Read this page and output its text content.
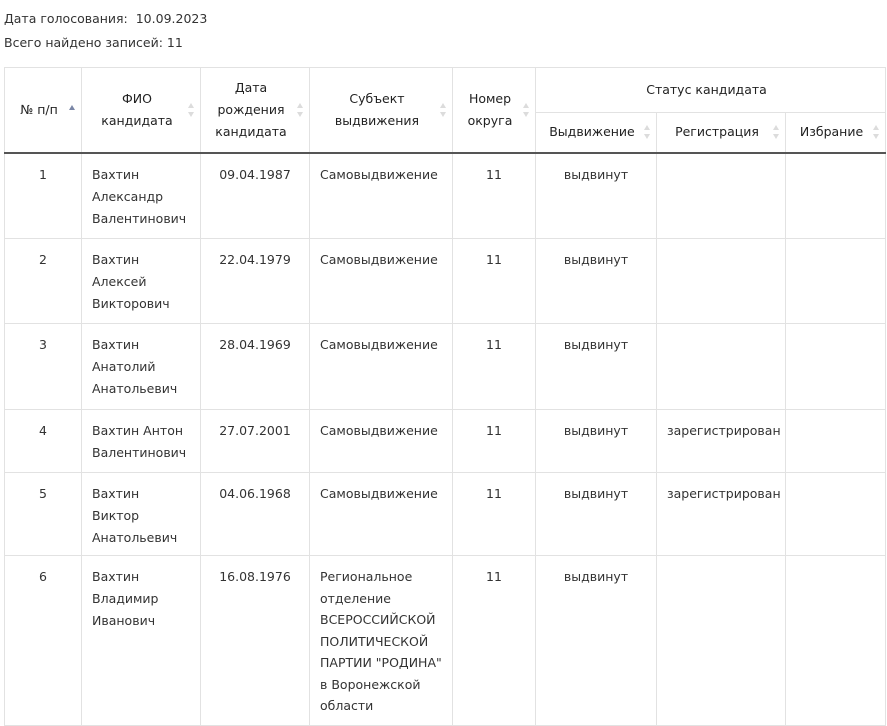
Дата голосования: 10.09.2023
Всего найдено записей: 11
№ п/п	ФИО кандидата	Дата рождения кандидата	Субъект выдвижения	Номер округа	Статус кандидата		
					Выдвижение	Регистрация	Избрание

1	Вахтин Александр Валентинович	09.04.1987	Самовыдвижение	11	выдвинут		
2	Вахтин Алексей Викторович	22.04.1979	Самовыдвижение	11	выдвинут		
3	Вахтин Анатолий Анатольевич	28.04.1969	Самовыдвижение	11	выдвинут		
4	Вахтин Антон Валентинович	27.07.2001	Самовыдвижение	11	выдвинут	зарегистрирован	
5	Вахтин Виктор Анатольевич	04.06.1968	Самовыдвижение	11	выдвинут	зарегистрирован	
6	Вахтин Владимир Иванович	16.08.1976	Региональное отделение ВСЕРОССИЙСКОЙ ПОЛИТИЧЕСКОЙ ПАРТИИ "РОДИНА" в Воронежской области	11	выдвинут		
